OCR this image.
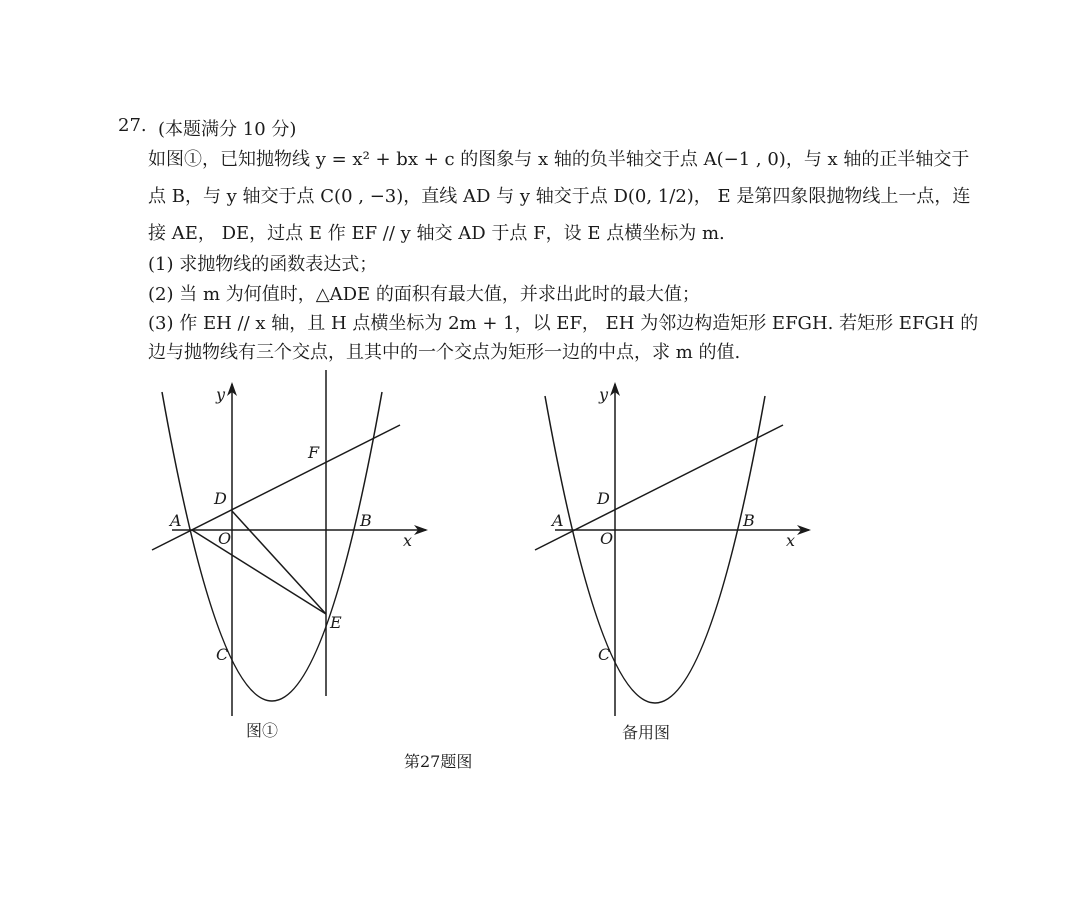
27. (本题满分 10 分)
如图①，已知抛物线 y = x² + bx + c 的图象与 x 轴的负半轴交于点 A(−1 , 0)，与 x 轴的正半轴交于
点 B，与 y 轴交于点 C(0 , −3)，直线 AD 与 y 轴交于点 D(0, 1/2)， E 是第四象限抛物线上一点，连
接 AE， DE，过点 E 作 EF // y 轴交 AD 于点 F，设 E 点横坐标为 m.
(1) 求抛物线的函数表达式；
(2) 当 m 为何值时，△ADE 的面积有最大值，并求出此时的最大值；
(3) 作 EH // x 轴，且 H 点横坐标为 2m + 1，以 EF， EH 为邻边构造矩形 EFGH. 若矩形 EFGH 的
边与抛物线有三个交点，且其中的一个交点为矩形一边的中点，求 m 的值.
y
x
A	B
O
C
D
E
F
y
x
A	B
O
C
D
图①	备用图
第27题图
